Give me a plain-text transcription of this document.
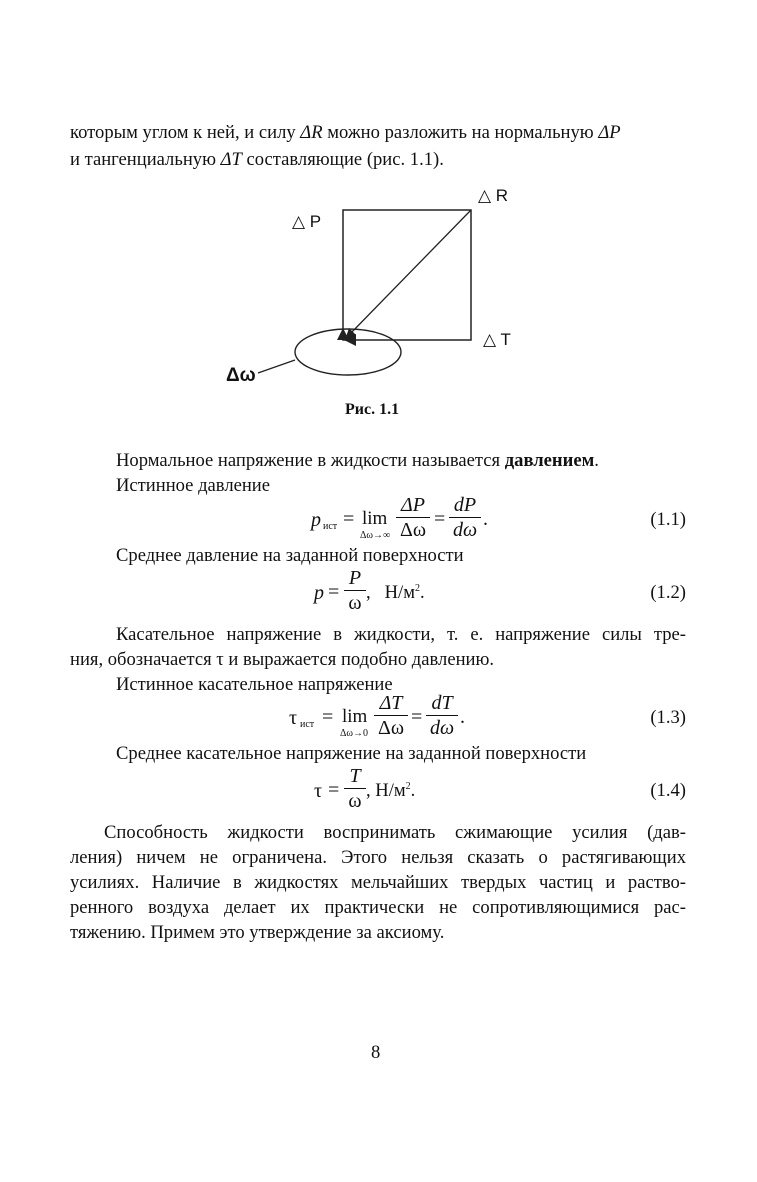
которым углом к ней, и силу ΔR можно разложить на нормальную ΔP
и тангенциальную ΔT составляющие (рис. 1.1).
△ P
△ R
△ T
Δω
Рис. 1.1
Нормальное напряжение в жидкости называется давлением.
Истинное давление
p ист = lim
Δω→∞
ΔP
Δω =
dP
dω .	(1.1)
Среднее давление на заданной поверхности
p =
P
ω ,   $Н/м^2$.	(1.2)
Касательное напряжение в жидкости, т. е. напряжение силы тре-
ния, обозначается τ и выражается подобно давлению.
Истинное касательное напряжение
τ ист = lim
Δω→0
ΔT
Δω =
dT
dω .	(1.3)
Среднее касательное напряжение на заданной поверхности
τ =
T
ω , $Н/м^2$.	(1.4)
Способность жидкости воспринимать сжимающие усилия (дав-
ления) ничем не ограничена. Этого нельзя сказать о растягивающих
усилиях. Наличие в жидкостях мельчайших твердых частиц и раство-
ренного воздуха делает их практически не сопротивляющимися рас-
тяжению. Примем это утверждение за аксиому.
8
